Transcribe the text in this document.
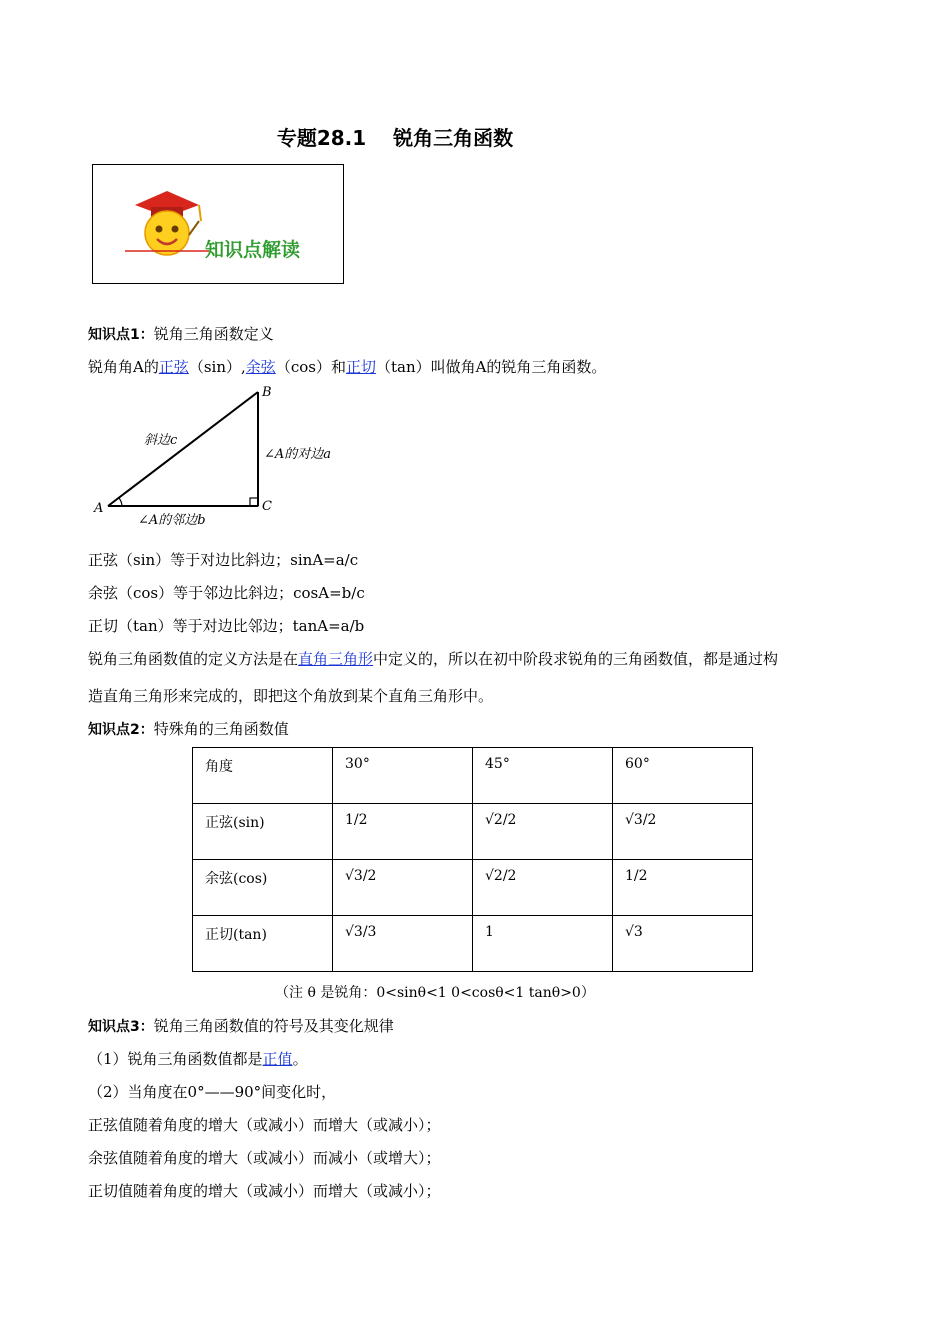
专题28.1　 锐角三角函数
知识点解读
知识点1：锐角三角函数定义
锐角角A的正弦（sin）,余弦（cos）和正切（tan）叫做角A的锐角三角函数。
A
B
C
斜边c
∠A的对边a
∠A的邻边b
正弦（sin）等于对边比斜边；sinA=a/c
余弦（cos）等于邻边比斜边；cosA=b/c
正切（tan）等于对边比邻边；tanA=a/b
锐角三角函数值的定义方法是在直角三角形中定义的，所以在初中阶段求锐角的三角函数值，都是通过构
造直角三角形来完成的，即把这个角放到某个直角三角形中。
知识点2：特殊角的三角函数值
角度	30°	45°	60°
正弦(sin)	1/2	√2/2	√3/2
余弦(cos)	√3/2	√2/2	1/2
正切(tan)	√3/3	1	√3
（注 θ 是锐角：0<sinθ<1 0<cosθ<1 tanθ>0）
知识点3：锐角三角函数值的符号及其变化规律
（1）锐角三角函数值都是正值。
（2）当角度在0°——90°间变化时，
正弦值随着角度的增大（或减小）而增大（或减小）；
余弦值随着角度的增大（或减小）而减小（或增大）；
正切值随着角度的增大（或减小）而增大（或减小）；
